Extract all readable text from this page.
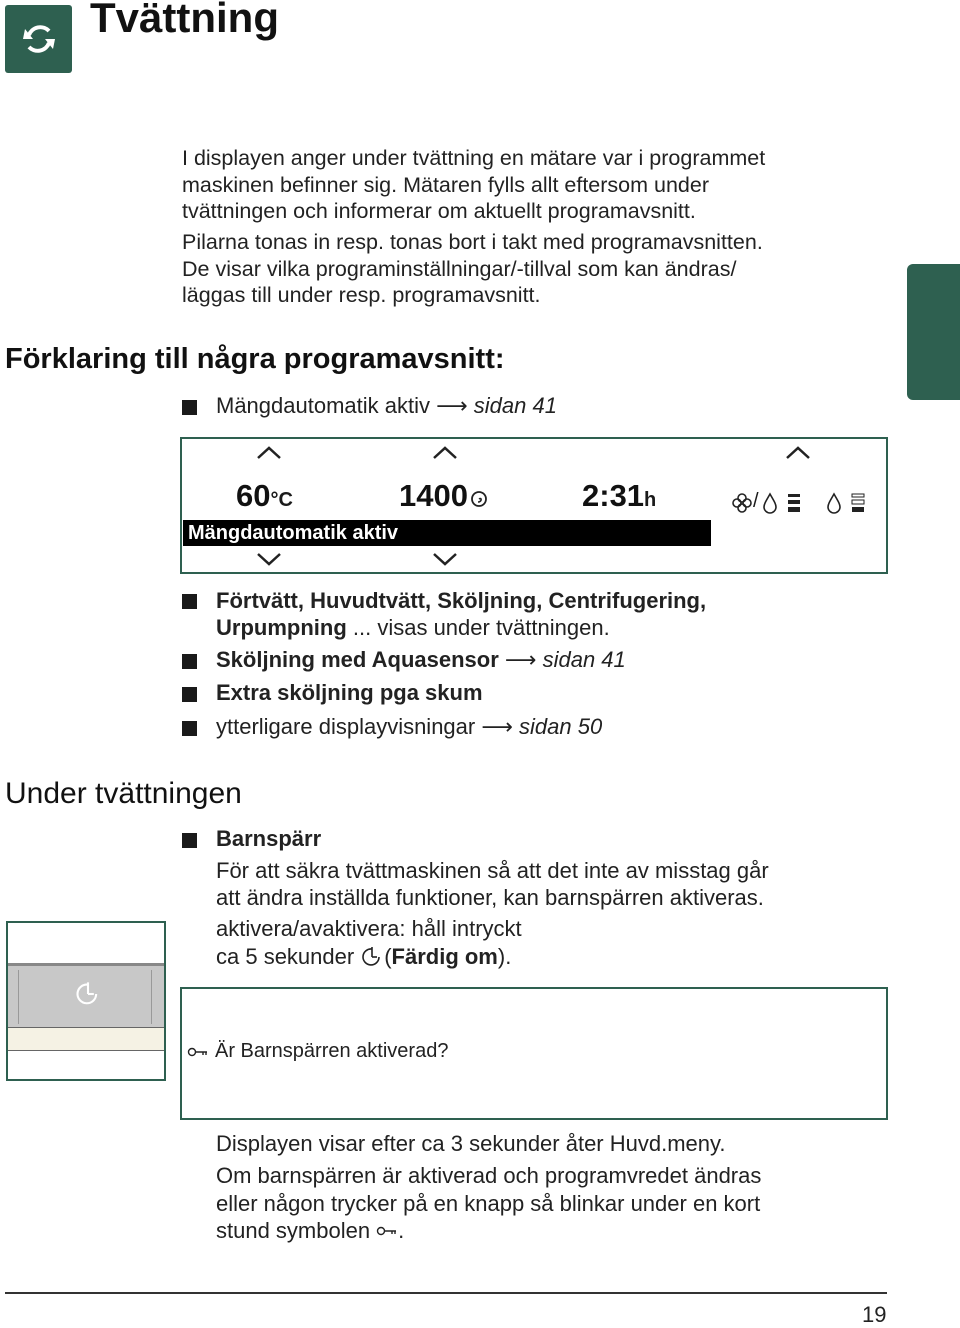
Tvättning
I displayen anger under tvättning en mätare var i programmet
maskinen befinner sig. Mätaren fylls allt eftersom under
tvättningen och informerar om aktuellt programavsnitt.
Pilarna tonas in resp. tonas bort i takt med programavsnitten.
De visar vilka programinställningar/-tillval som kan ändras/
läggas till under resp. programavsnitt.
Förklaring till några programavsnitt:
Mängdautomatik aktiv ⟶ sidan 41
60°C	1400	2:31h	/
Mängdautomatik aktiv
Förtvätt, Huvudtvätt, Sköljning, Centrifugering,
Urpumpning ... visas under tvättningen.
Sköljning med Aquasensor ⟶ sidan 41
Extra sköljning pga skum
ytterligare displayvisningar ⟶ sidan 50
Under tvättningen
Barnspärr
För att säkra tvättmaskinen så att det inte av misstag går
att ändra inställda funktioner, kan barnspärren aktiveras.
aktivera/avaktivera: håll intryckt
ca 5 sekunder ( Färdig om ).
Är Barnspärren aktiverad?
Displayen visar efter ca 3 sekunder åter Huvd.meny.
Om barnspärren är aktiverad och programvredet ändras
eller någon trycker på en knapp så blinkar under en kort
stund symbolen .
19
